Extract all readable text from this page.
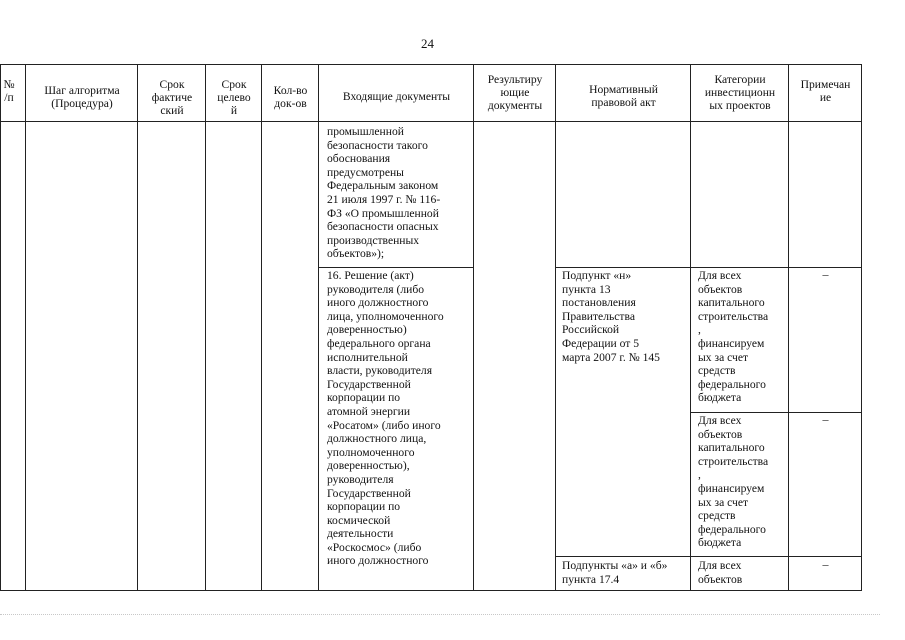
24
№
/п
Шаг алгоритма
(Процедура)
Срок
фактиче
ский
Срок
целево
й
Кол-во
док-ов
Входящие документы
Результиру
ющие
документы
Нормативный
правовой акт
Категории
инвестиционн
ых проектов
Примечан
ие
промышленной
безопасности такого
обоснования
предусмотрены
Федеральным законом
21 июля 1997 г. № 116-
ФЗ «О промышленной
безопасности опасных
производственных
объектов»);
16. Решение (акт)
руководителя (либо
иного должностного
лица, уполномоченного
доверенностью)
федерального органа
исполнительной
власти, руководителя
Государственной
корпорации по
атомной энергии
«Росатом» (либо иного
должностного лица,
уполномоченного
доверенностью),
руководителя
Государственной
корпорации по
космической
деятельности
«Роскосмос» (либо
иного должностного
Подпункт «н»
пункта 13
постановления
Правительства
Российской
Федерации от 5
марта 2007 г. № 145
Подпункты «а» и «б»
пункта 17.4
Для всех
объектов
капитального
строительства
,
финансируем
ых за счет
средств
федерального
бюджета
Для всех
объектов
капитального
строительства
,
финансируем
ых за счет
средств
федерального
бюджета
Для всех
объектов
–
–
–
